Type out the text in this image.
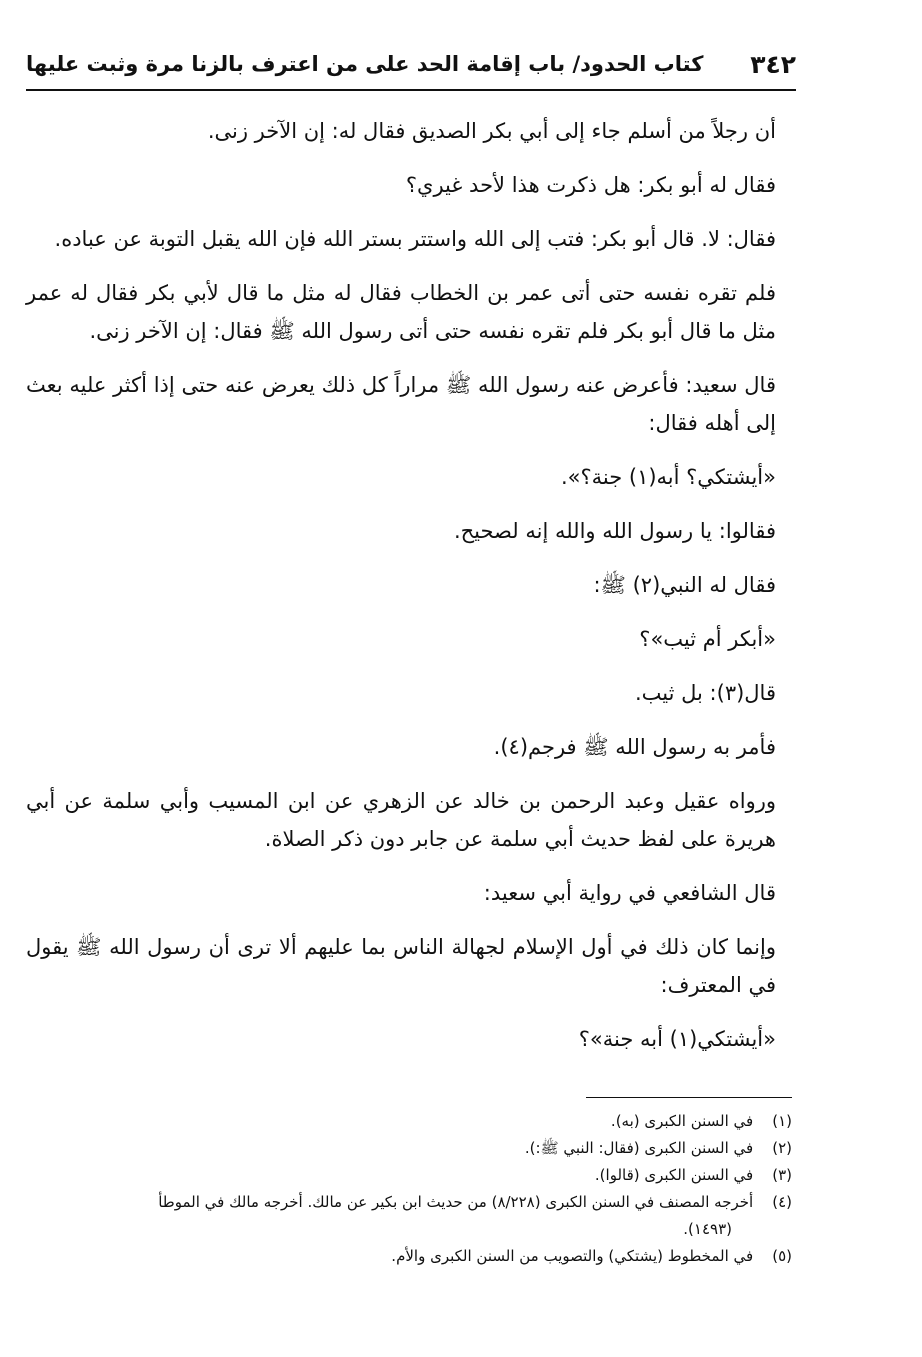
٣٤٢
كتاب الحدود/ باب إقامة الحد على من اعترف بالزنا مرة وثبت عليها

أن رجلاً من أسلم جاء إلى أبي بكر الصديق فقال له: إن الآخر زنى.

فقال له أبو بكر: هل ذكرت هذا لأحد غيري؟

فقال: لا. قال أبو بكر: فتب إلى الله واستتر بستر الله فإن الله يقبل التوبة عن عباده.

فلم تقره نفسه حتى أتى عمر بن الخطاب فقال له مثل ما قال لأبي بكر فقال له عمر مثل ما قال أبو بكر فلم تقره نفسه حتى أتى رسول الله ﷺ فقال: إن الآخر زنى.

قال سعيد: فأعرض عنه رسول الله ﷺ مراراً كل ذلك يعرض عنه حتى إذا أكثر عليه بعث إلى أهله فقال:

«أيشتكي؟ أبه(١) جنة؟».

فقالوا: يا رسول الله والله إنه لصحيح.

فقال له النبي(٢) ﷺ:

«أبكر أم ثيب»؟

قال(٣): بل ثيب.

فأمر به رسول الله ﷺ فرجم(٤).

ورواه عقيل وعبد الرحمن بن خالد عن الزهري عن ابن المسيب وأبي سلمة عن أبي هريرة على لفظ حديث أبي سلمة عن جابر دون ذكر الصلاة.

قال الشافعي في رواية أبي سعيد:

وإنما كان ذلك في أول الإسلام لجهالة الناس بما عليهم ألا ترى أن رسول الله ﷺ يقول في المعترف:

«أيشتكي(١) أبه جنة»؟

(١) في السنن الكبرى (به).
(٢) في السنن الكبرى (فقال: النبي ﷺ:).
(٣) في السنن الكبرى (قالوا).
(٤) أخرجه المصنف في السنن الكبرى (٨/٢٢٨) من حديث ابن بكير عن مالك. أخرجه مالك في الموطأ
(١٤٩٣).
(٥) في المخطوط (يشتكي) والتصويب من السنن الكبرى والأم.
